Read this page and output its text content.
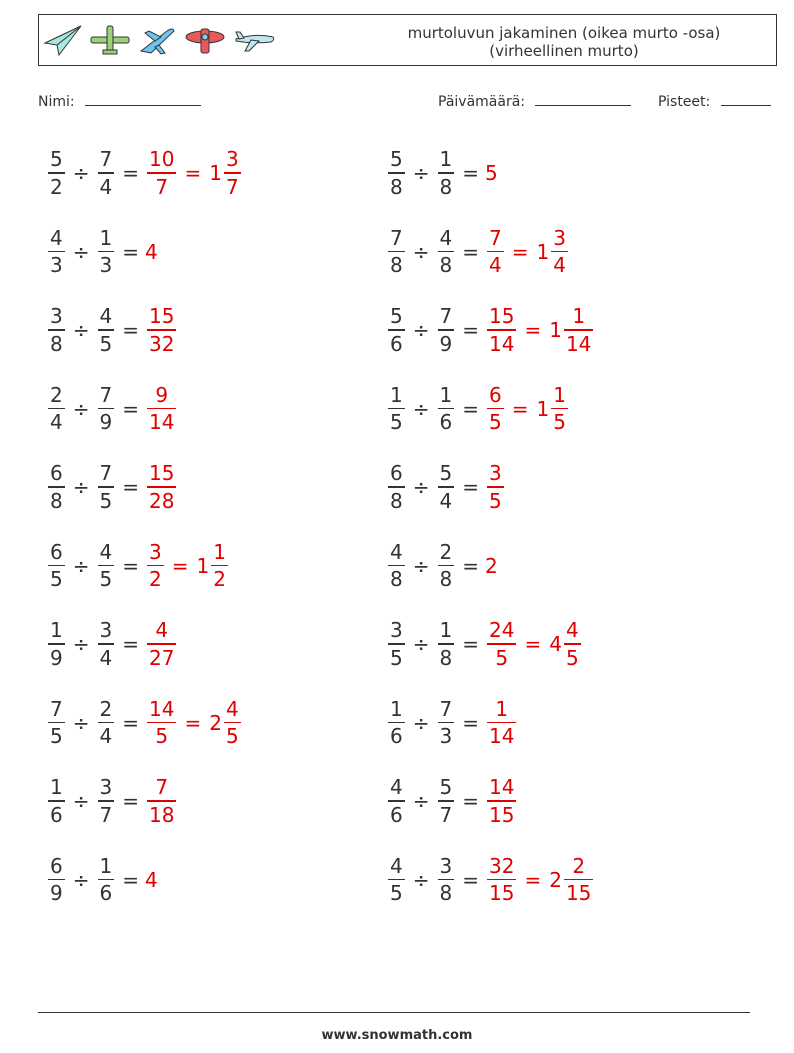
murtoluvun jakaminen (oikea murto -osa)
(virheellinen murto)
Nimi:	Päivämäärä:	Pisteet:
$\frac{5}{2} \div \frac{7}{4} = \frac{10}{7} = 1 \frac{3}{7}$	$\frac{5}{8} \div \frac{1}{8} = 5$
$\frac{4}{3} \div \frac{1}{3} = 4$	$\frac{7}{8} \div \frac{4}{8} = \frac{7}{4} = 1 \frac{3}{4}$
$\frac{3}{8} \div \frac{4}{5} = \frac{15}{32}$	$\frac{5}{6} \div \frac{7}{9} = \frac{15}{14} = 1 \frac{1}{14}$
$\frac{2}{4} \div \frac{7}{9} = \frac{9}{14}$	$\frac{1}{5} \div \frac{1}{6} = \frac{6}{5} = 1 \frac{1}{5}$
$\frac{6}{8} \div \frac{7}{5} = \frac{15}{28}$	$\frac{6}{8} \div \frac{5}{4} = \frac{3}{5}$
$\frac{6}{5} \div \frac{4}{5} = \frac{3}{2} = 1 \frac{1}{2}$	$\frac{4}{8} \div \frac{2}{8} = 2$
$\frac{1}{9} \div \frac{3}{4} = \frac{4}{27}$	$\frac{3}{5} \div \frac{1}{8} = \frac{24}{5} = 4 \frac{4}{5}$
$\frac{7}{5} \div \frac{2}{4} = \frac{14}{5} = 2 \frac{4}{5}$	$\frac{1}{6} \div \frac{7}{3} = \frac{1}{14}$
$\frac{1}{6} \div \frac{3}{7} = \frac{7}{18}$	$\frac{4}{6} \div \frac{5}{7} = \frac{14}{15}$
$\frac{6}{9} \div \frac{1}{6} = 4$	$\frac{4}{5} \div \frac{3}{8} = \frac{32}{15} = 2 \frac{2}{15}$
www.snowmath.com
